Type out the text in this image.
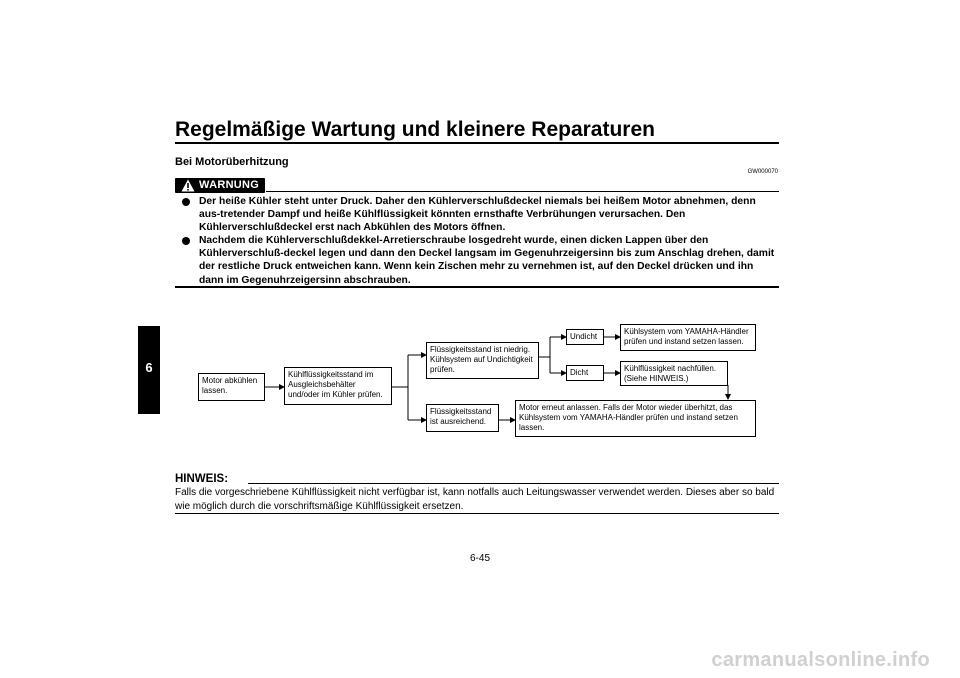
Regelmäßige Wartung und kleinere Reparaturen
6
Bei Motorüberhitzung
GW000070
WARNUNG
Der heiße Kühler steht unter Druck. Daher den Kühlerverschlußdeckel niemals bei heißem Motor abnehmen, denn aus-tretender Dampf und heiße Kühlflüssigkeit könnten ernsthafte Verbrühungen verursachen. Den Kühlerverschlußdeckel erst nach Abkühlen des Motors öffnen.
Nachdem die Kühlerverschlußdekkel-Arretierschraube losgedreht wurde, einen dicken Lappen über den Kühlerverschluß-deckel legen und dann den Deckel langsam im Gegenuhrzeigersinn bis zum Anschlag drehen, damit der restliche Druck entweichen kann. Wenn kein Zischen mehr zu vernehmen ist, auf den Deckel drücken und ihn dann im Gegenuhrzeigersinn abschrauben.
Motor abkühlen lassen.
Kühlflüssigkeitsstand im Ausgleichsbehälter und/oder im Kühler prüfen.
Flüssigkeitsstand ist niedrig. Kühlsystem auf Undichtigkeit prüfen.
Flüssigkeitsstand ist ausreichend.
Undicht
Dicht
Kühlsystem vom YAMAHA-Händler prüfen und instand setzen lassen.
Kühlflüssigkeit nachfüllen. (Siehe HINWEIS.)
Motor erneut anlassen. Falls der Motor wieder überhitzt, das Kühlsystem vom YAMAHA-Händler prüfen und instand setzen lassen.
HINWEIS:
Falls die vorgeschriebene Kühlflüssigkeit nicht verfügbar ist, kann notfalls auch Leitungswasser verwendet werden. Dieses aber so bald wie möglich durch die vorschriftsmäßige Kühlflüssigkeit ersetzen.
6-45
carmanualsonline.info
